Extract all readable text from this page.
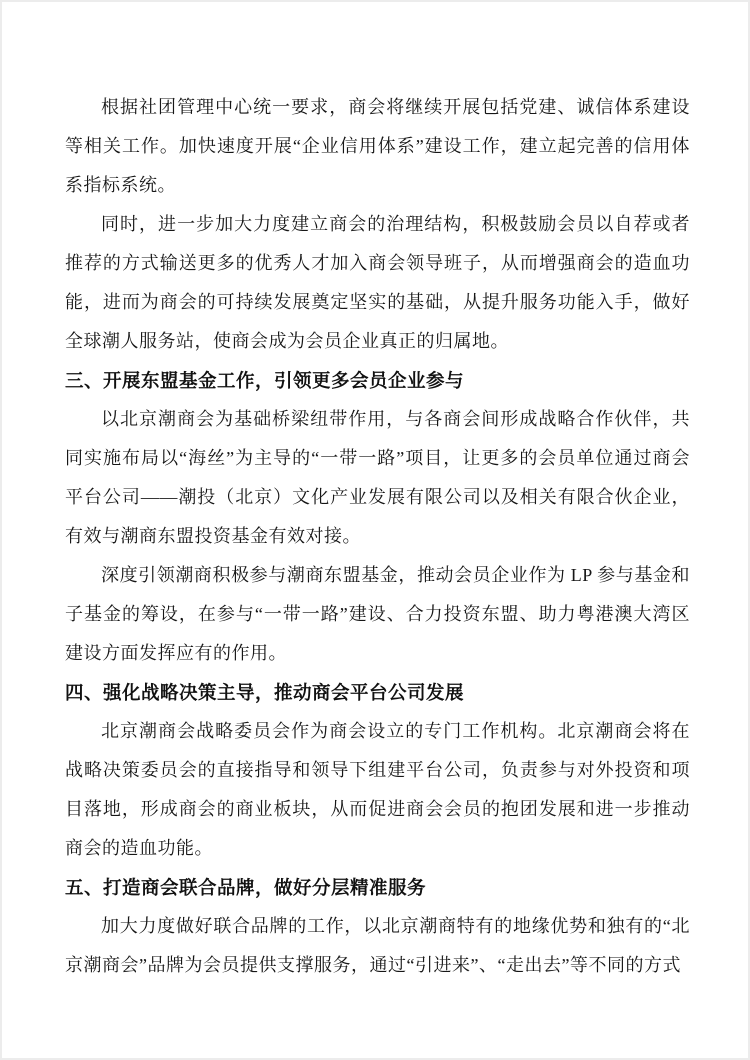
根据社团管理中心统一要求，商会将继续开展包括党建、诚信体系建设等相关工作。加快速度开展“企业信用体系”建设工作，建立起完善的信用体系指标系统。

同时，进一步加大力度建立商会的治理结构，积极鼓励会员以自荐或者推荐的方式输送更多的优秀人才加入商会领导班子，从而增强商会的造血功能，进而为商会的可持续发展奠定坚实的基础，从提升服务功能入手，做好全球潮人服务站，使商会成为会员企业真正的归属地。

三、开展东盟基金工作，引领更多会员企业参与

以北京潮商会为基础桥梁纽带作用，与各商会间形成战略合作伙伴，共同实施布局以“海丝”为主导的“一带一路”项目，让更多的会员单位通过商会平台公司——潮投（北京）文化产业发展有限公司以及相关有限合伙企业，有效与潮商东盟投资基金有效对接。

深度引领潮商积极参与潮商东盟基金，推动会员企业作为 LP 参与基金和子基金的筹设，在参与“一带一路”建设、合力投资东盟、助力粤港澳大湾区建设方面发挥应有的作用。

四、强化战略决策主导，推动商会平台公司发展

北京潮商会战略委员会作为商会设立的专门工作机构。北京潮商会将在战略决策委员会的直接指导和领导下组建平台公司，负责参与对外投资和项目落地，形成商会的商业板块，从而促进商会会员的抱团发展和进一步推动商会的造血功能。

五、打造商会联合品牌，做好分层精准服务

加大力度做好联合品牌的工作，以北京潮商特有的地缘优势和独有的“北京潮商会”品牌为会员提供支撑服务，通过“引进来”、“走出去”等不同的方式
